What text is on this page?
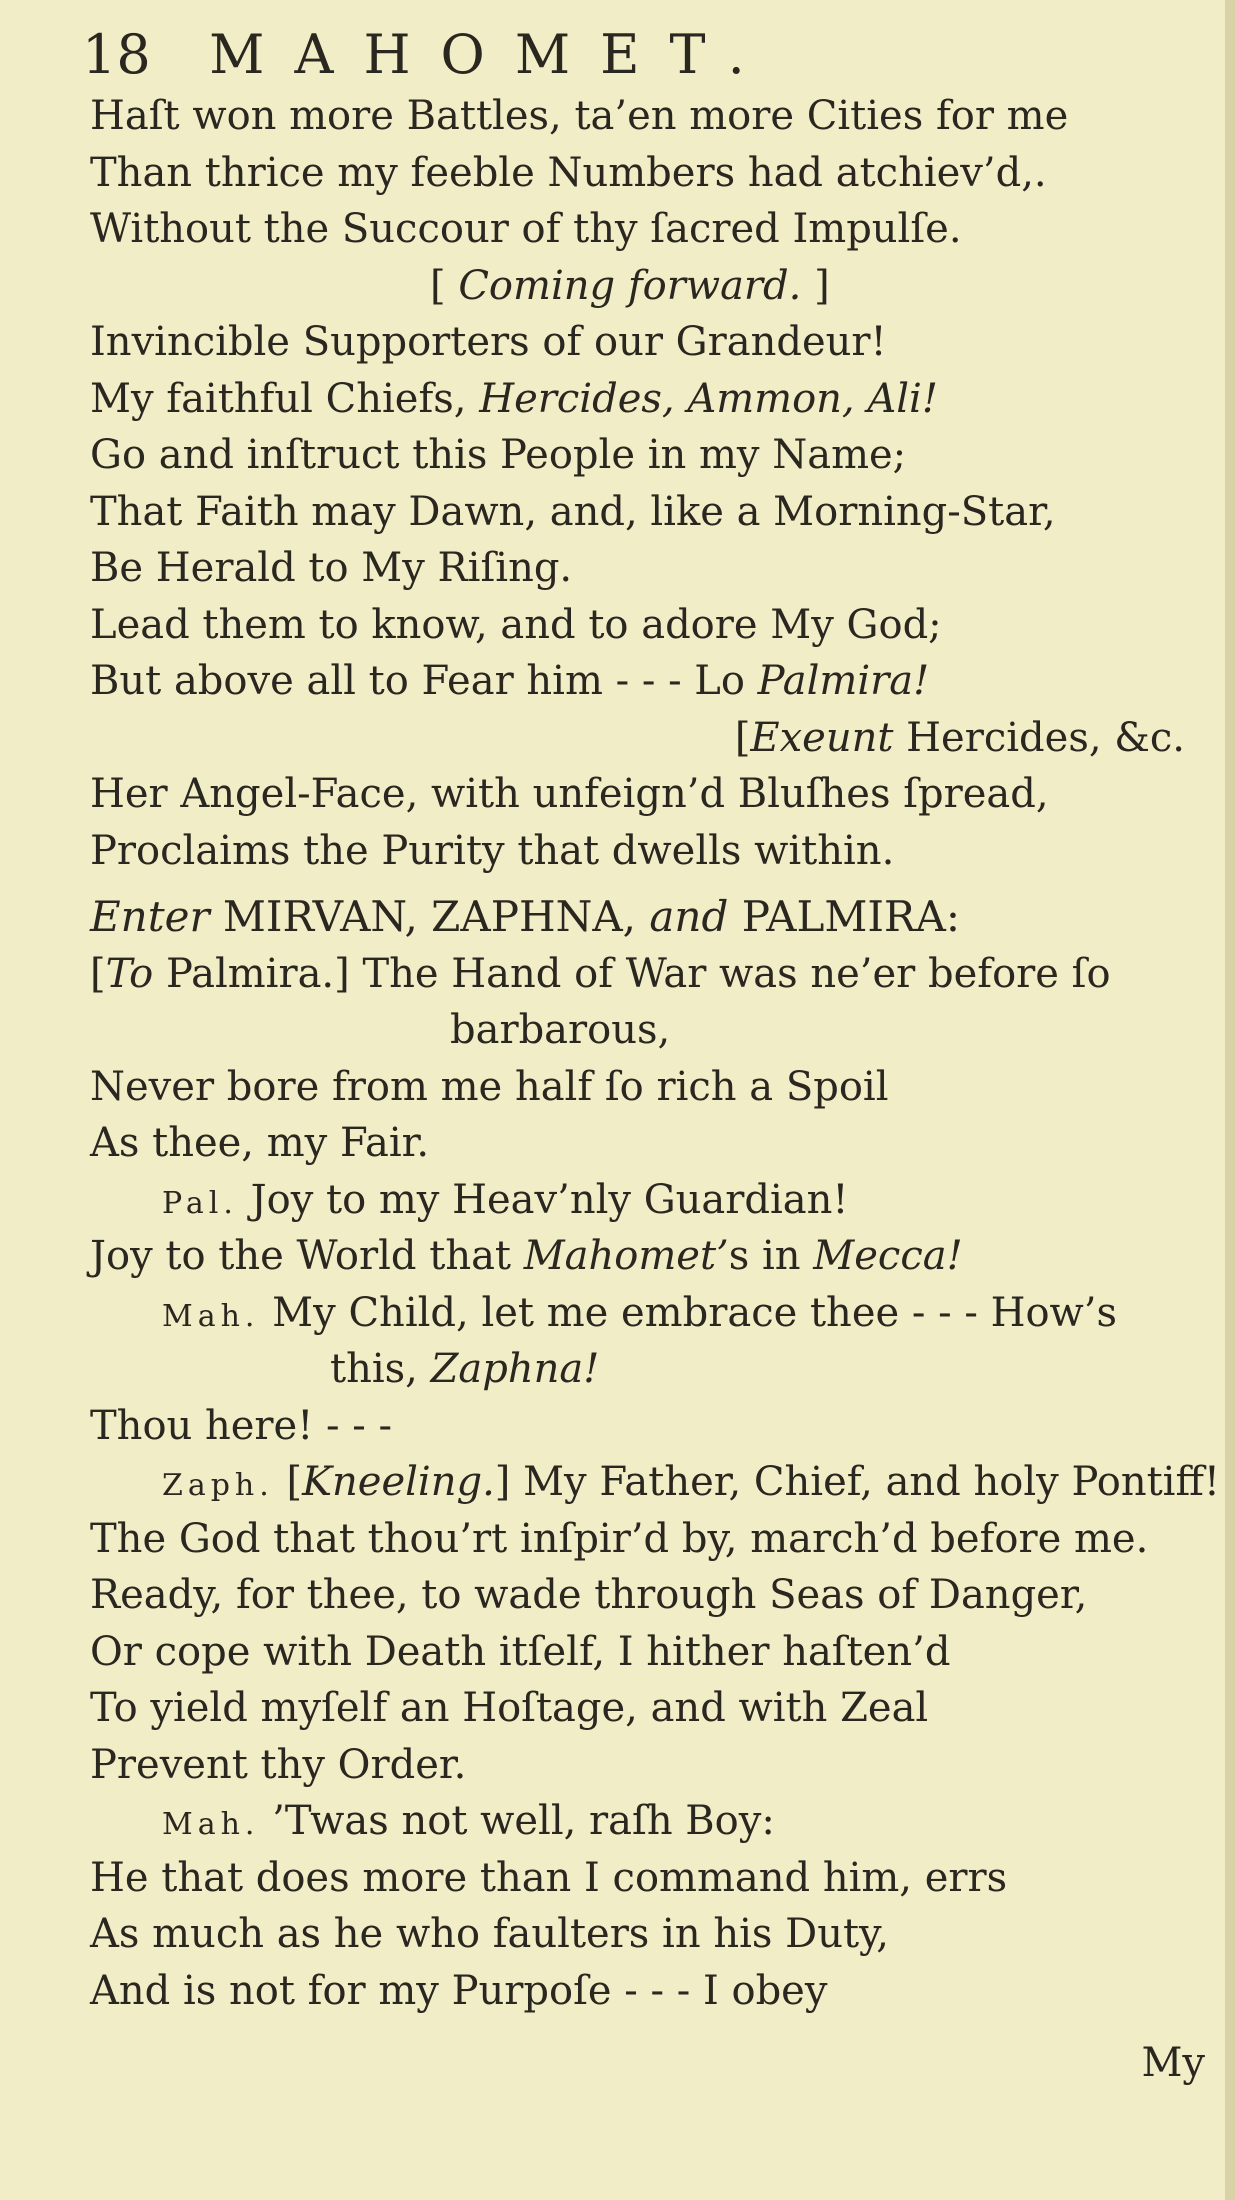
18 MAHOMET.
Haſt won more Battles, ta’en more Cities for me
Than thrice my feeble Numbers had atchiev’d,.
Without the Succour of thy ſacred Impulſe.
[ Coming forward. ]
Invincible Supporters of our Grandeur!
My faithful Chiefs, Hercides, Ammon, Ali!
Go and inſtruct this People in my Name;
That Faith may Dawn, and, like a Morning-Star,
Be Herald to My Riſing.
Lead them to know, and to adore My God;
But above all to Fear him - - - Lo Palmira!
[Exeunt Hercides, &c.
Her Angel-Face, with unfeign’d Bluſhes ſpread,
Proclaims the Purity that dwells within.
Enter MIRVAN, ZAPHNA, and PALMIRA:
[To Palmira.] The Hand of War was ne’er before ſo
barbarous,
Never bore from me half ſo rich a Spoil
As thee, my Fair.
Pal. Joy to my Heav’nly Guardian!
Joy to the World that Mahomet’s in Mecca!
Mah. My Child, let me embrace thee - - - How’s
this, Zaphna!
Thou here! - - -
Zaph. [Kneeling.] My Father, Chief, and holy Pontiff!
The God that thou’rt inſpir’d by, march’d before me.
Ready, for thee, to wade through Seas of Danger,
Or cope with Death itſelf, I hither haſten’d
To yield myſelf an Hoſtage, and with Zeal
Prevent thy Order.
Mah. ’Twas not well, raſh Boy:
He that does more than I command him, errs
As much as he who faulters in his Duty,
And is not for my Purpoſe - - - I obey
My
